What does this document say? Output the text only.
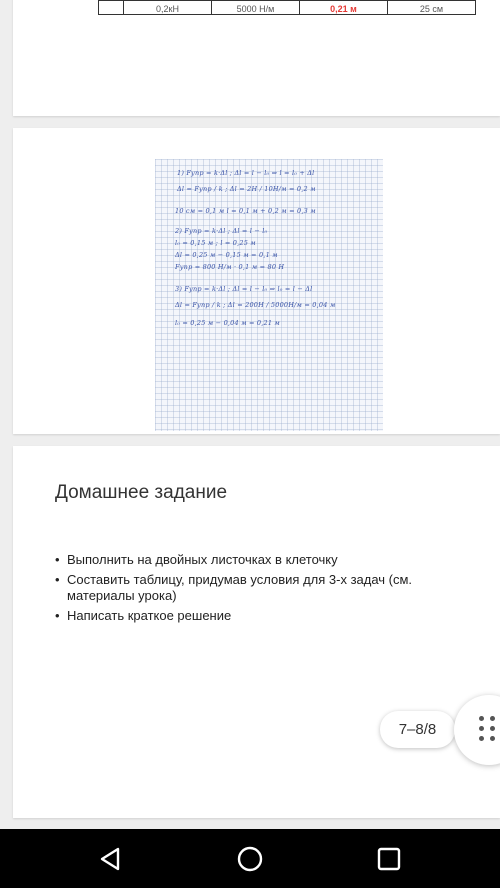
	0,2кН	5000 Н/м	0,21 м	25 см
1) Fупр = k·Δl ; Δl = l − l₀ ⇒ l = l₀ + Δl
Δl = Fупр / k ; Δl = 2Н / 10Н/м = 0,2 м
10 см = 0,1 м l = 0,1 м + 0,2 м = 0,3 м
2) Fупр = k·Δl ; Δl = l − l₀
l₀ = 0,15 м ; l = 0,25 м
Δl = 0,25 м − 0,15 м = 0,1 м
Fупр = 800 Н/м · 0,1 м = 80 Н
3) Fупр = k·Δl ; Δl = l − l₀ ⇒ l₀ = l − Δl
Δl = Fупр / k ; Δl = 200Н / 5000Н/м = 0,04 м
l₀ = 0,25 м − 0,04 м = 0,21 м
Домашнее задание
• Выполнить на двойных листочках в клеточку
• Составить таблицу, придумав условия для 3-х задач (см. материалы урока)
• Написать краткое решение
7–8/8
